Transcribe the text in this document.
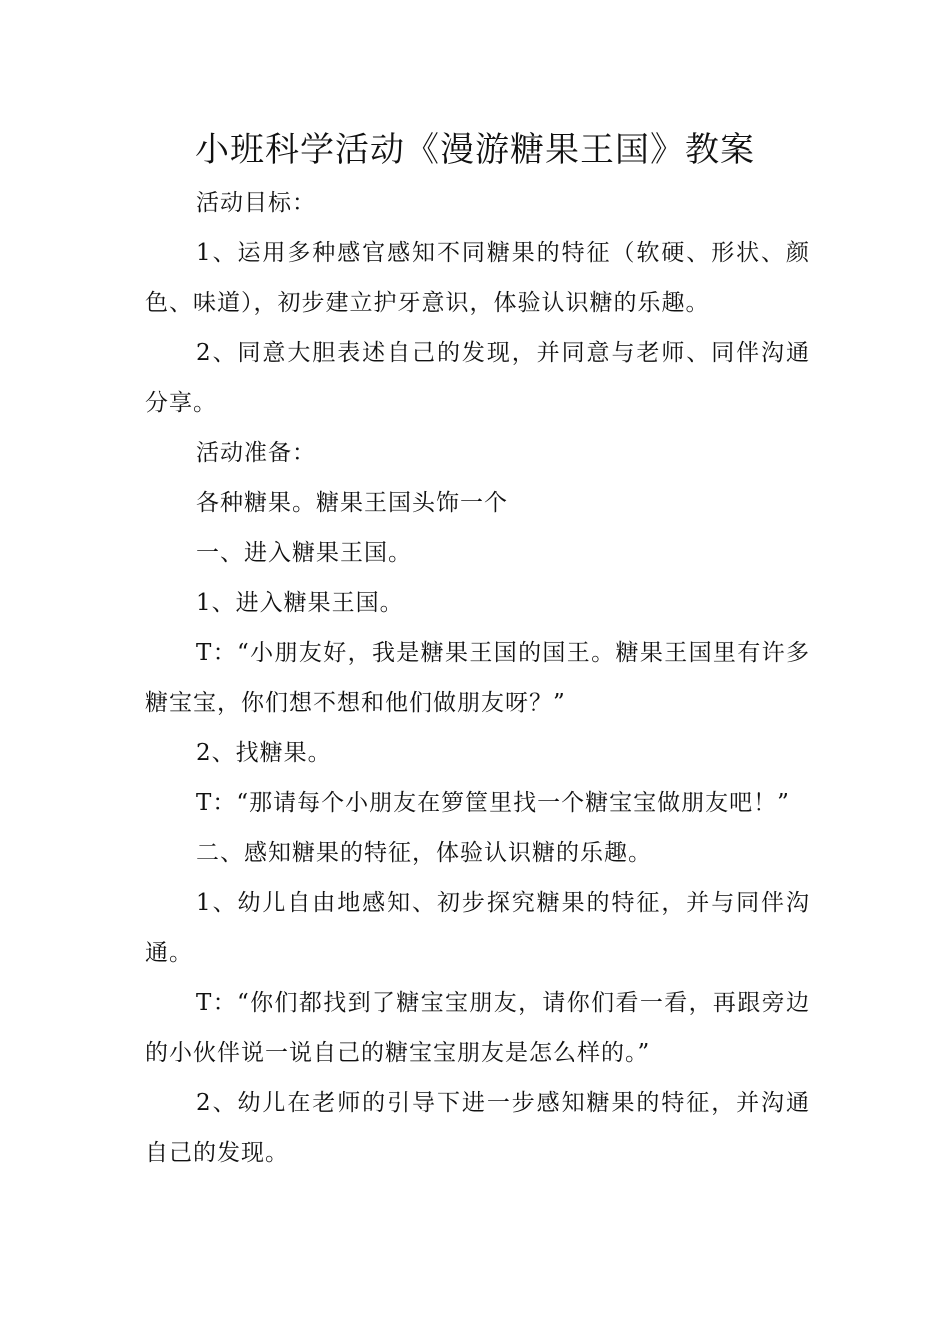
小班科学活动《漫游糖果王国》教案

活动目标：

1、运用多种感官感知不同糖果的特征（软硬、形状、颜色、味道），初步建立护牙意识，体验认识糖的乐趣。

2、同意大胆表述自己的发现，并同意与老师、同伴沟通分享。

活动准备：

各种糖果。糖果王国头饰一个

一、进入糖果王国。

1、进入糖果王国。

T：“小朋友好，我是糖果王国的国王。糖果王国里有许多糖宝宝，你们想不想和他们做朋友呀？”

2、找糖果。

T：“那请每个小朋友在箩筐里找一个糖宝宝做朋友吧！”

二、感知糖果的特征，体验认识糖的乐趣。

1、幼儿自由地感知、初步探究糖果的特征，并与同伴沟通。

T：“你们都找到了糖宝宝朋友，请你们看一看，再跟旁边的小伙伴说一说自己的糖宝宝朋友是怎么样的。”

2、幼儿在老师的引导下进一步感知糖果的特征，并沟通自己的发现。
